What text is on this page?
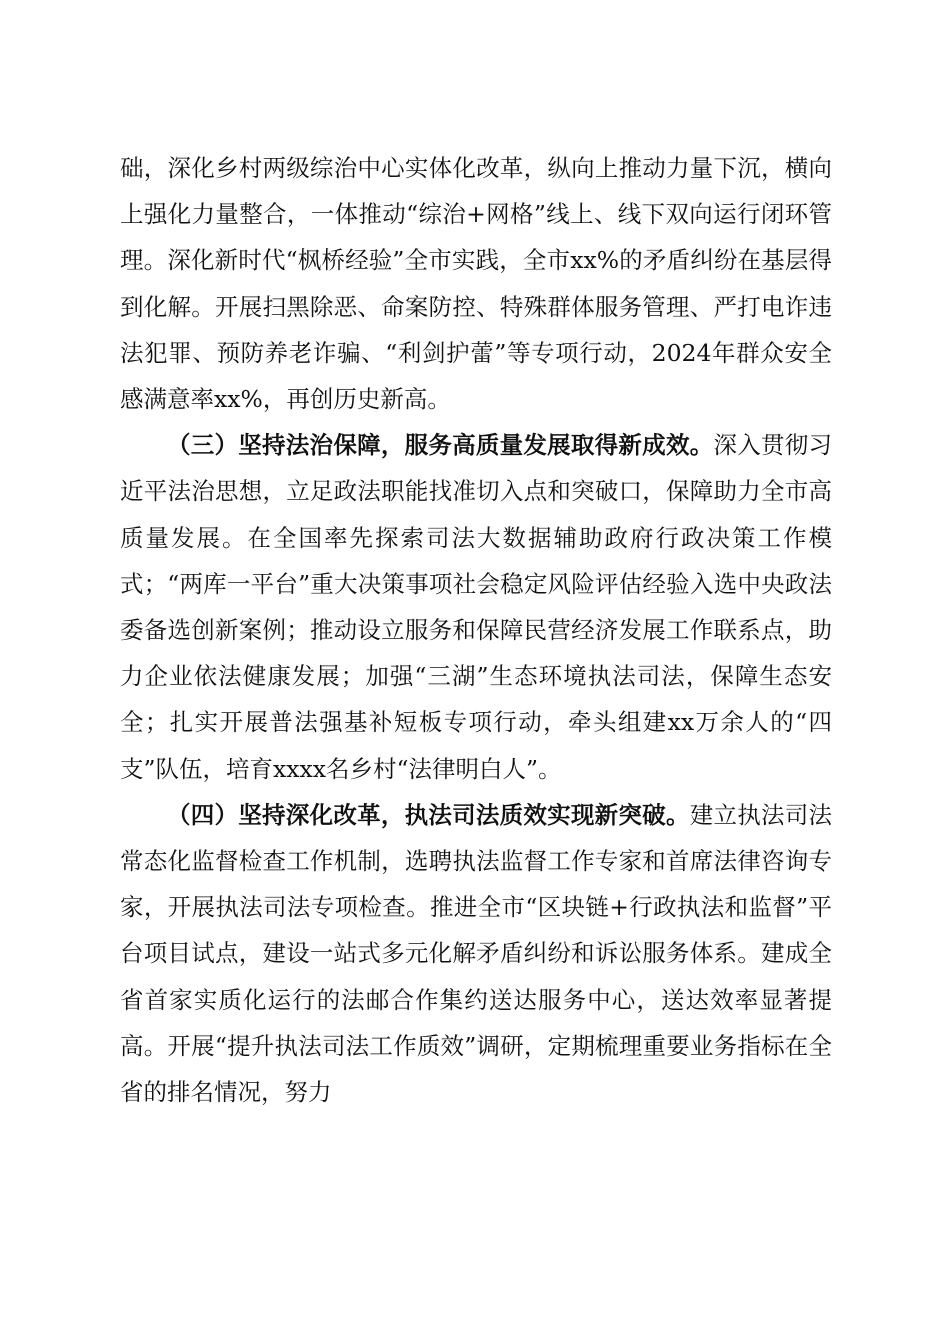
础，深化乡村两级综治中心实体化改革，纵向上推动力量下沉，横向上强化力量整合，一体推动“综治+网格”线上、线下双向运行闭环管理。深化新时代“枫桥经验”全市实践，全市xx%的矛盾纠纷在基层得到化解。开展扫黑除恶、命案防控、特殊群体服务管理、严打电诈违法犯罪、预防养老诈骗、“利剑护蕾”等专项行动，2024年群众安全感满意率xx%，再创历史新高。

（三）坚持法治保障，服务高质量发展取得新成效。深入贯彻习近平法治思想，立足政法职能找准切入点和突破口，保障助力全市高质量发展。在全国率先探索司法大数据辅助政府行政决策工作模式；“两库一平台”重大决策事项社会稳定风险评估经验入选中央政法委备选创新案例；推动设立服务和保障民营经济发展工作联系点，助力企业依法健康发展；加强“三湖”生态环境执法司法，保障生态安全；扎实开展普法强基补短板专项行动，牵头组建xx万余人的“四支”队伍，培育xxxx名乡村“法律明白人”。

（四）坚持深化改革，执法司法质效实现新突破。建立执法司法常态化监督检查工作机制，选聘执法监督工作专家和首席法律咨询专家，开展执法司法专项检查。推进全市“区块链+行政执法和监督”平台项目试点，建设一站式多元化解矛盾纠纷和诉讼服务体系。建成全省首家实质化运行的法邮合作集约送达服务中心，送达效率显著提高。开展“提升执法司法工作质效”调研，定期梳理重要业务指标在全省的排名情况，努力
